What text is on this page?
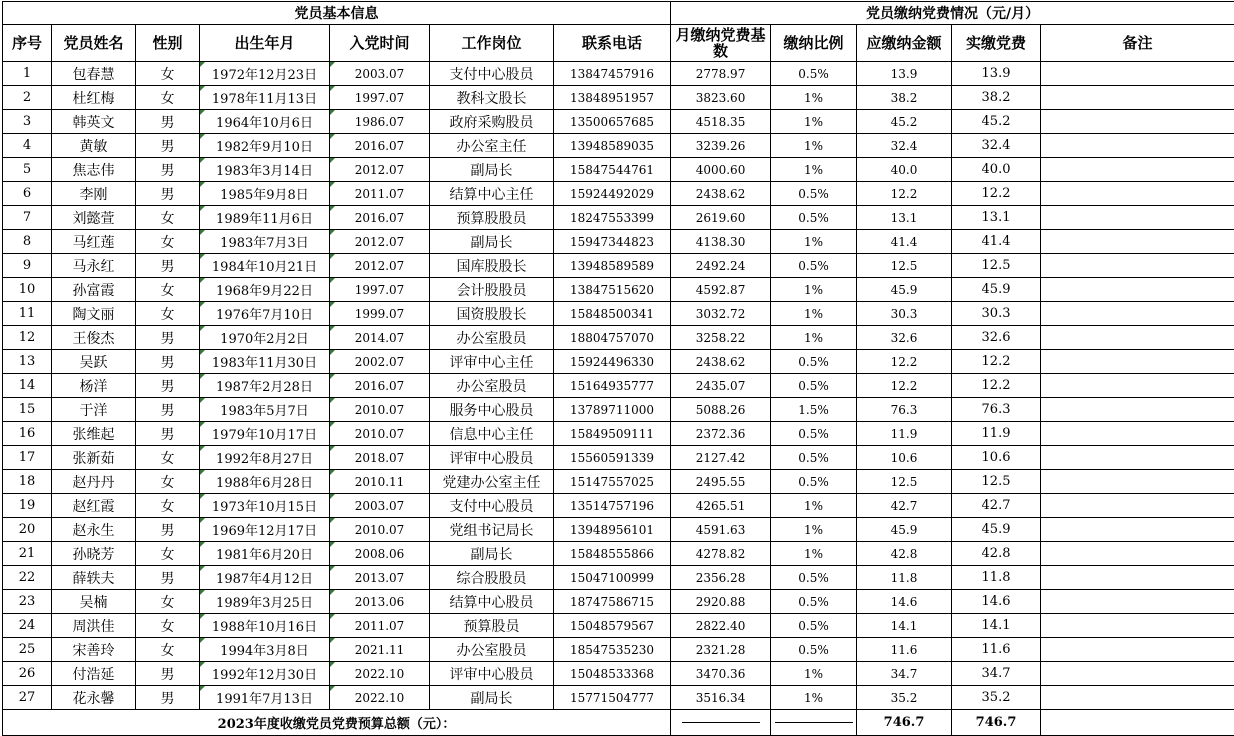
党员基本信息							党员缴纳党费情况（元/月）				
序号	党员姓名	性别	出生年月	入党时间	工作岗位	联系电话	月缴纳党费基数	缴纳比例	应缴纳金额	实缴党费	备注
1	包春慧	女	1972年12月23日	2003.07	支付中心股员	13847457916	2778.97	0.5%	13.9	13.9	
2	杜红梅	女	1978年11月13日	1997.07	教科文股长	13848951957	3823.60	1%	38.2	38.2	
3	韩英文	男	1964年10月6日	1986.07	政府采购股员	13500657685	4518.35	1%	45.2	45.2	
4	黄敏	男	1982年9月10日	2016.07	办公室主任	13948589035	3239.26	1%	32.4	32.4	
5	焦志伟	男	1983年3月14日	2012.07	副局长	15847544761	4000.60	1%	40.0	40.0	
6	李刚	男	1985年9月8日	2011.07	结算中心主任	15924492029	2438.62	0.5%	12.2	12.2	
7	刘懿萱	女	1989年11月6日	2016.07	预算股股员	18247553399	2619.60	0.5%	13.1	13.1	
8	马红莲	女	1983年7月3日	2012.07	副局长	15947344823	4138.30	1%	41.4	41.4	
9	马永红	男	1984年10月21日	2012.07	国库股股长	13948589589	2492.24	0.5%	12.5	12.5	
10	孙富霞	女	1968年9月22日	1997.07	会计股股员	13847515620	4592.87	1%	45.9	45.9	
11	陶文丽	女	1976年7月10日	1999.07	国资股股长	15848500341	3032.72	1%	30.3	30.3	
12	王俊杰	男	1970年2月2日	2014.07	办公室股员	18804757070	3258.22	1%	32.6	32.6	
13	吴跃	男	1983年11月30日	2002.07	评审中心主任	15924496330	2438.62	0.5%	12.2	12.2	
14	杨洋	男	1987年2月28日	2016.07	办公室股员	15164935777	2435.07	0.5%	12.2	12.2	
15	于洋	男	1983年5月7日	2010.07	服务中心股员	13789711000	5088.26	1.5%	76.3	76.3	
16	张维起	男	1979年10月17日	2010.07	信息中心主任	15849509111	2372.36	0.5%	11.9	11.9	
17	张新茹	女	1992年8月27日	2018.07	评审中心股员	15560591339	2127.42	0.5%	10.6	10.6	
18	赵丹丹	女	1988年6月28日	2010.11	党建办公室主任	15147557025	2495.55	0.5%	12.5	12.5	
19	赵红霞	女	1973年10月15日	2003.07	支付中心股员	13514757196	4265.51	1%	42.7	42.7	
20	赵永生	男	1969年12月17日	2010.07	党组书记局长	13948956101	4591.63	1%	45.9	45.9	
21	孙晓芳	女	1981年6月20日	2008.06	副局长	15848555866	4278.82	1%	42.8	42.8	
22	薛轶夫	男	1987年4月12日	2013.07	综合股股员	15047100999	2356.28	0.5%	11.8	11.8	
23	吴楠	女	1989年3月25日	2013.06	结算中心股员	18747586715	2920.88	0.5%	14.6	14.6	
24	周洪佳	女	1988年10月16日	2011.07	预算股员	15048579567	2822.40	0.5%	14.1	14.1	
25	宋善玲	女	1994年3月8日	2021.11	办公室股员	18547535230	2321.28	0.5%	11.6	11.6	
26	付浩延	男	1992年12月30日	2022.10	评审中心股员	15048533368	3470.36	1%	34.7	34.7	
27	花永馨	男	1991年7月13日	2022.10	副局长	15771504777	3516.34	1%	35.2	35.2	
2023年度收缴党员党费预算总额（元）：									746.7	746.7	
